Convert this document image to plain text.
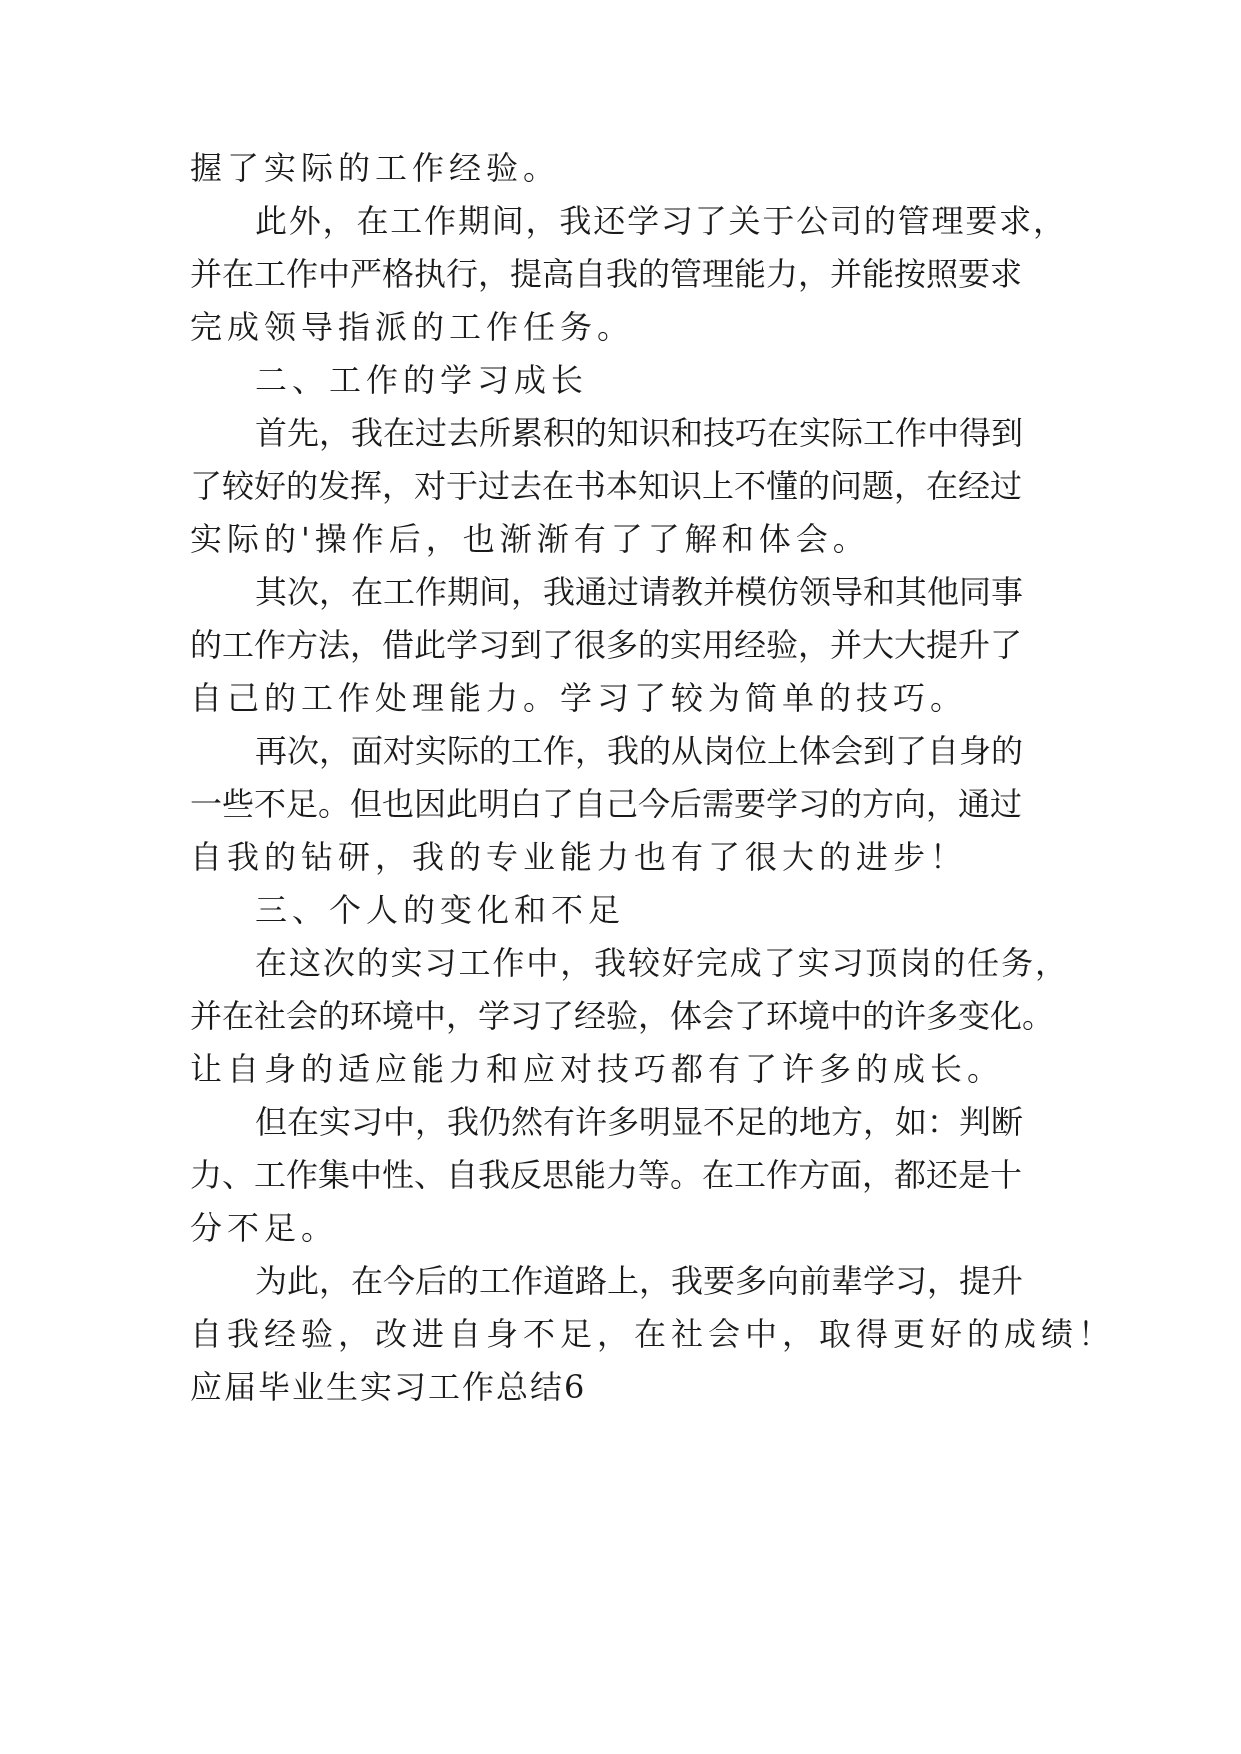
握了实际的工作经验。
此外，在工作期间，我还学习了关于公司的管理要求，
并在工作中严格执行，提高自我的管理能力，并能按照要求
完成领导指派的工作任务。
二、工作的学习成长
首先，我在过去所累积的知识和技巧在实际工作中得到
了较好的发挥，对于过去在书本知识上不懂的问题，在经过
实际的'操作后，也渐渐有了了解和体会。
其次，在工作期间，我通过请教并模仿领导和其他同事
的工作方法，借此学习到了很多的实用经验，并大大提升了
自己的工作处理能力。学习了较为简单的技巧。
再次，面对实际的工作，我的从岗位上体会到了自身的
一些不足。但也因此明白了自己今后需要学习的方向，通过
自我的钻研，我的专业能力也有了很大的进步！
三、个人的变化和不足
在这次的实习工作中，我较好完成了实习顶岗的任务，
并在社会的环境中，学习了经验，体会了环境中的许多变化。
让自身的适应能力和应对技巧都有了许多的成长。
但在实习中，我仍然有许多明显不足的地方，如：判断
力、工作集中性、自我反思能力等。在工作方面，都还是十
分不足。
为此，在今后的工作道路上，我要多向前辈学习，提升
自我经验，改进自身不足，在社会中，取得更好的成绩！
应届毕业生实习工作总结6
